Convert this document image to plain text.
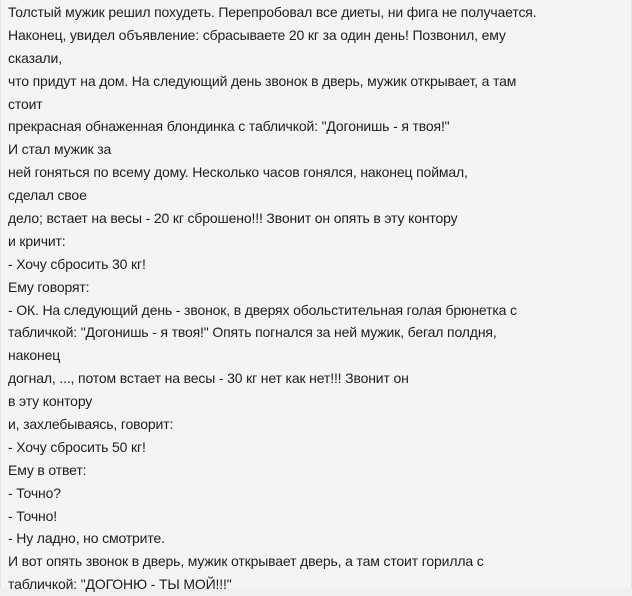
Толстый мужик решил похудеть. Перепробовал все диеты, ни фига не получается.
Наконец, увидел объявление: сбрасываете 20 кг за один день! Позвонил, ему
сказали,
что придут на дом. На следующий день звонок в дверь, мужик открывает, а там
стоит
прекрасная обнаженная блондинка с табличкой: "Догонишь - я твоя!"
И стал мужик за
ней гоняться по всему дому. Несколько часов гонялся, наконец поймал,
сделал свое
дело; встает на весы - 20 кг сброшено!!! Звонит он опять в эту контору
и кричит:
- Хочу сбросить 30 кг!
Ему говорят:
- ОК. На следующий день - звонок, в дверях обольстительная голая брюнетка с
табличкой: "Догонишь - я твоя!" Опять погнался за ней мужик, бегал полдня,
наконец
догнал, ..., потом встает на весы - 30 кг нет как нет!!! Звонит он
в эту контору
и, захлебываясь, говорит:
- Хочу сбросить 50 кг!
Ему в ответ:
- Точно?
- Точно!
- Ну ладно, но смотрите.
И вот опять звонок в дверь, мужик открывает дверь, а там стоит горилла с
табличкой: "ДОГОНЮ - ТЫ МОЙ!!!"
